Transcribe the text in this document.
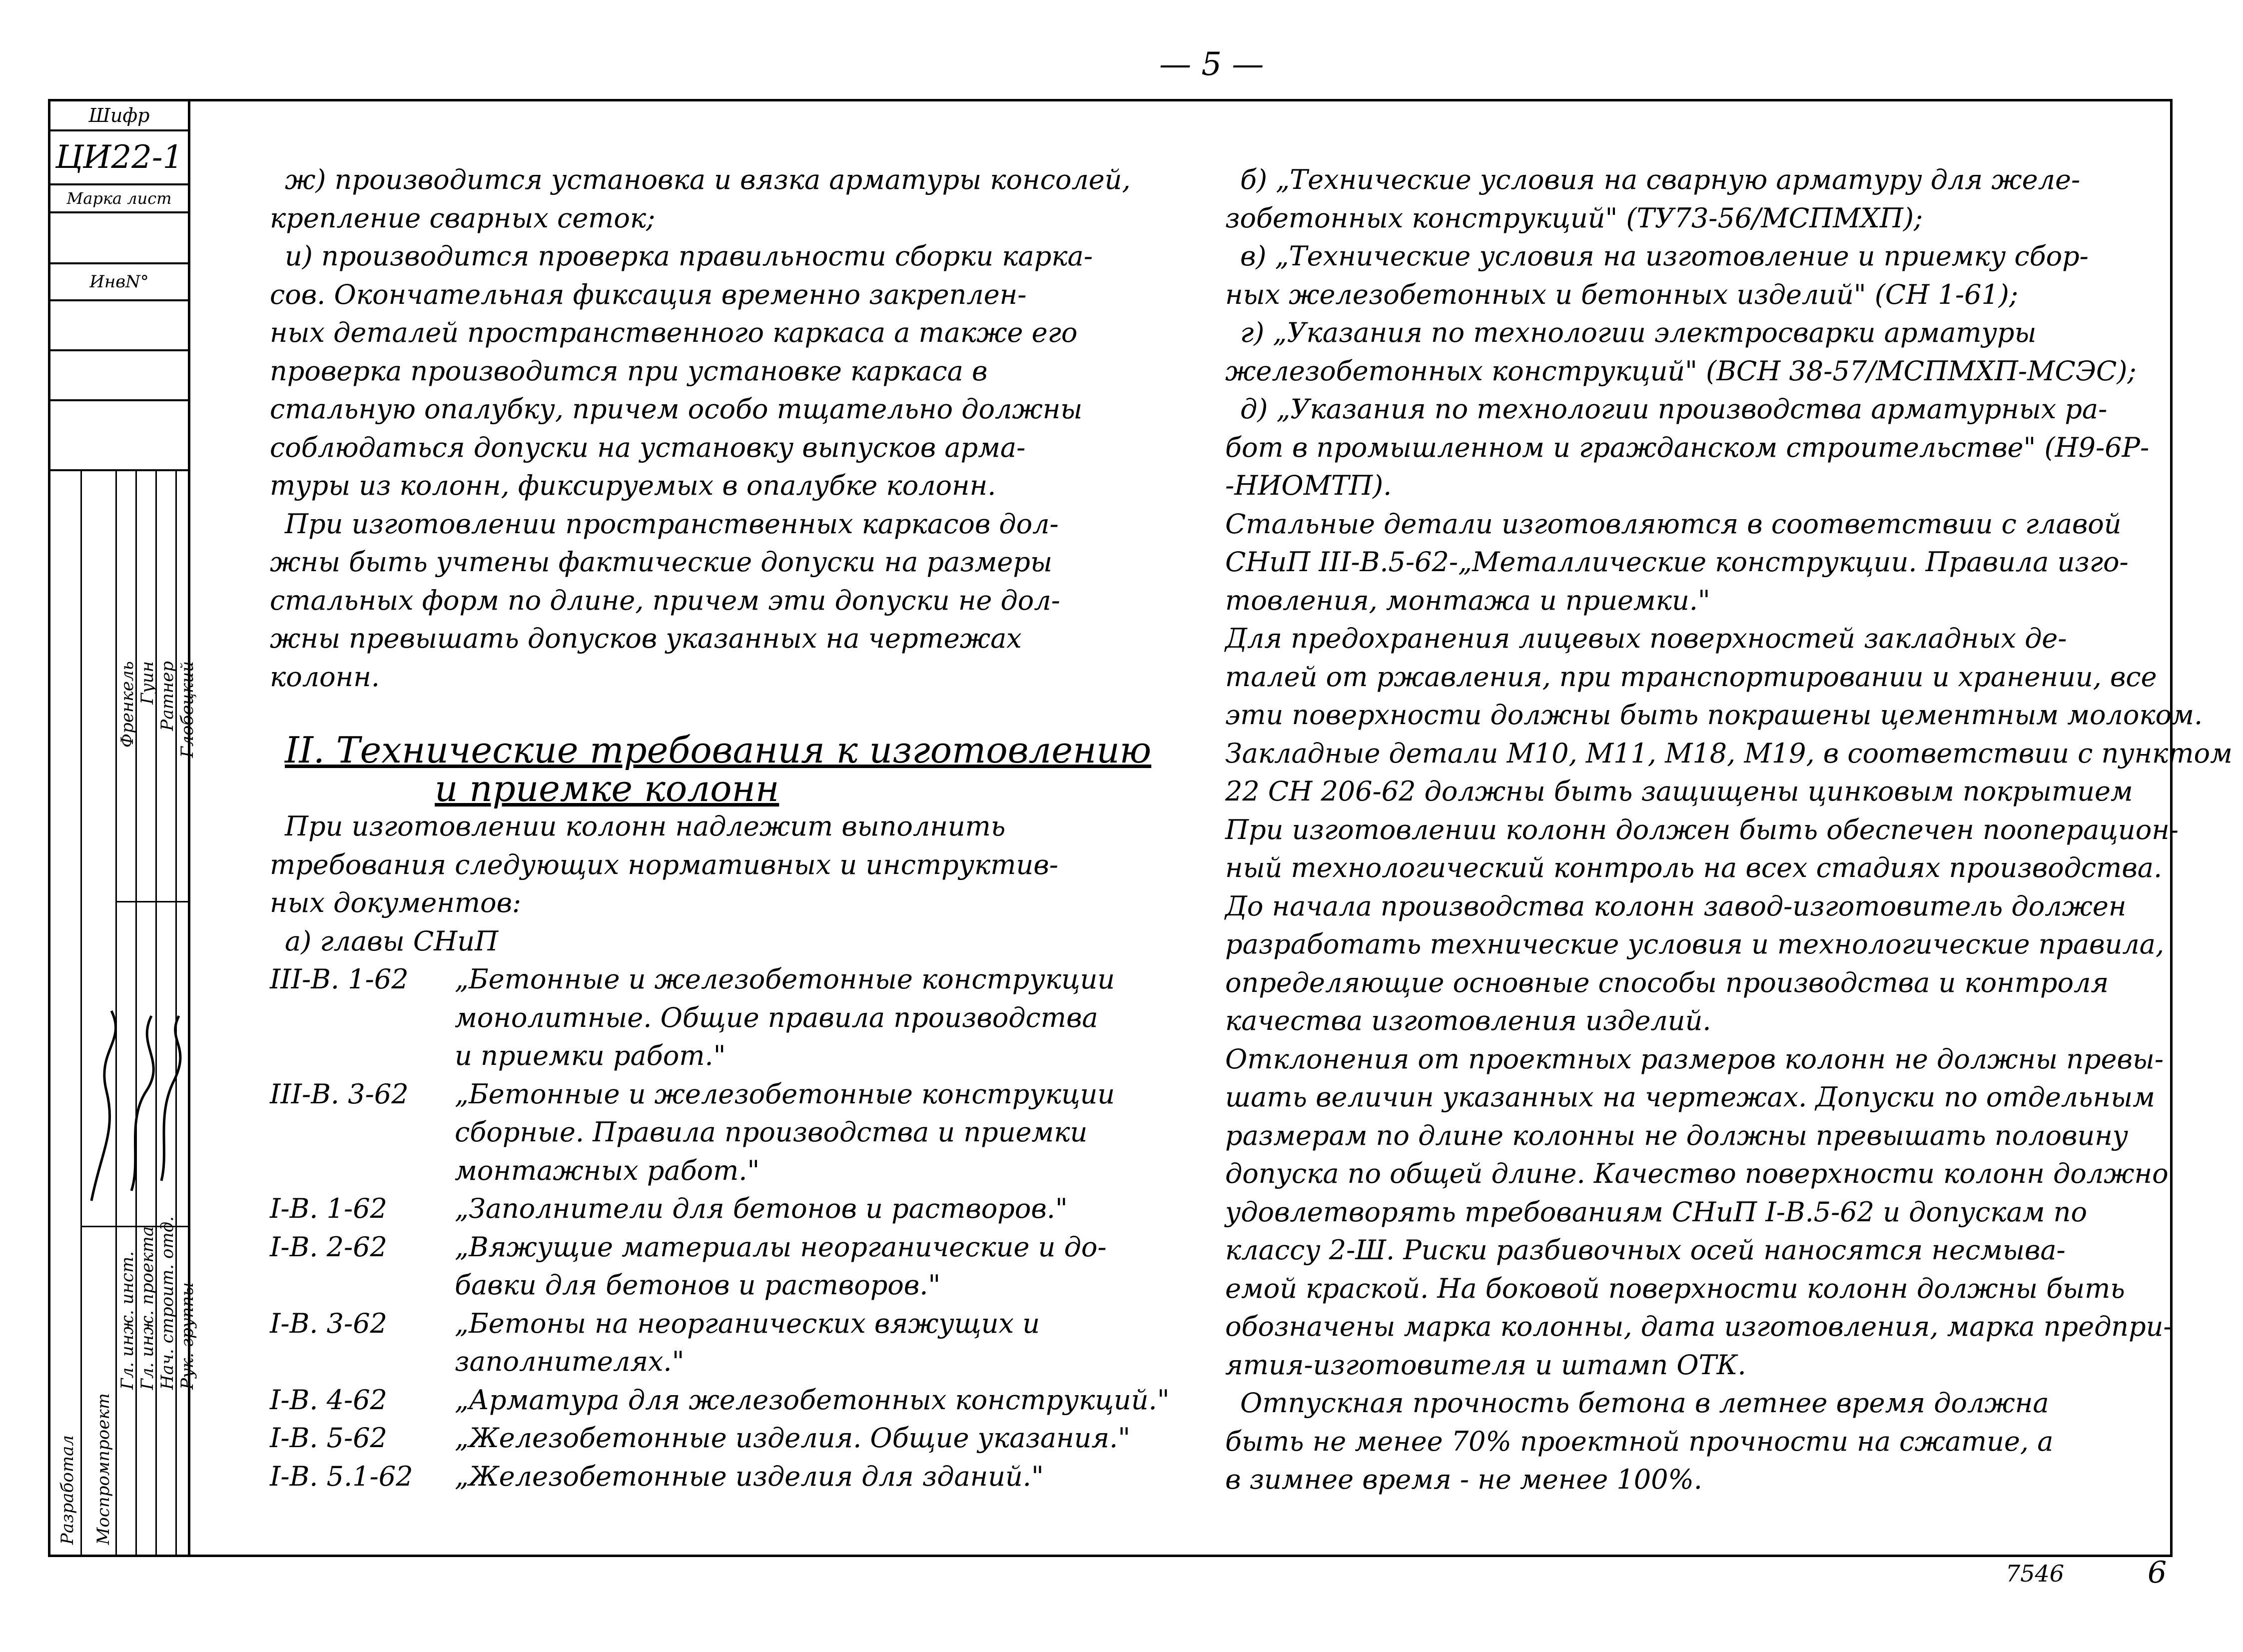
— 5 —
Шифр
ЦИ22-1
Марка лист
ИнвN°
Разработал Моспромпроект
Гл. инж. инст. Гл. инж. проекта Нач. строит. отд. Рук. группы
Френкель Гуин Ратнер Глобецкий
ж) производится установка и вязка арматуры консолей,
крепление сварных сеток;
и) производится проверка правильности сборки карка-
сов. Окончательная фиксация временно закреплен-
ных деталей пространственного каркаса а также его
проверка производится при установке каркаса в
стальную опалубку, причем особо тщательно должны
соблюдаться допуски на установку выпусков арма-
туры из колонн, фиксируемых в опалубке колонн.
При изготовлении пространственных каркасов дол-
жны быть учтены фактические допуски на размеры
стальных форм по длине, причем эти допуски не дол-
жны превышать допусков указанных на чертежах
колонн.
II. Технические требования к изготовлению
и приемке колонн
При изготовлении колонн надлежит выполнить
требования следующих нормативных и инструктив-
ных документов:
а) главы СНиП
III-В. 1-62	„Бетонные и железобетонные конструкции
монолитные. Общие правила производства
и приемки работ."
III-В. 3-62	„Бетонные и железобетонные конструкции
сборные. Правила производства и приемки
монтажных работ."
I-В. 1-62	„Заполнители для бетонов и растворов."
I-В. 2-62	„Вяжущие материалы неорганические и до-
бавки для бетонов и растворов."
I-В. 3-62	„Бетоны на неорганических вяжущих и
заполнителях."
I-В. 4-62	„Арматура для железобетонных конструкций."
I-В. 5-62	„Железобетонные изделия. Общие указания."
I-В. 5.1-62	„Железобетонные изделия для зданий."
б) „Технические условия на сварную арматуру для желе-
зобетонных конструкций" (ТУ73-56/МСПМХП);
в) „Технические условия на изготовление и приемку сбор-
ных железобетонных и бетонных изделий" (СН 1-61);
г) „Указания по технологии электросварки арматуры
железобетонных конструкций" (ВСН 38-57/МСПМХП-МСЭС);
д) „Указания по технологии производства арматурных ра-
бот в промышленном и гражданском строительстве" (Н9-6Р-
-НИОМТП).
Стальные детали изготовляются в соответствии с главой
СНиП III-В.5-62-„Металлические конструкции. Правила изго-
товления, монтажа и приемки."
Для предохранения лицевых поверхностей закладных де-
талей от ржавления, при транспортировании и хранении, все
эти поверхности должны быть покрашены цементным молоком.
Закладные детали М10, М11, М18, М19, в соответствии с пунктом
22 СН 206-62 должны быть защищены цинковым покрытием
При изготовлении колонн должен быть обеспечен пооперацион-
ный технологический контроль на всех стадиях производства.
До начала производства колонн завод-изготовитель должен
разработать технические условия и технологические правила,
определяющие основные способы производства и контроля
качества изготовления изделий.
Отклонения от проектных размеров колонн не должны превы-
шать величин указанных на чертежах. Допуски по отдельным
размерам по длине колонны не должны превышать половину
допуска по общей длине. Качество поверхности колонн должно
удовлетворять требованиям СНиП I-В.5-62 и допускам по
классу 2-Ш. Риски разбивочных осей наносятся несмыва-
емой краской. На боковой поверхности колонн должны быть
обозначены марка колонны, дата изготовления, марка предпри-
ятия-изготовителя и штамп ОТК.
Отпускная прочность бетона в летнее время должна
быть не менее 70% проектной прочности на сжатие, а
в зимнее время - не менее 100%.
7546	6
